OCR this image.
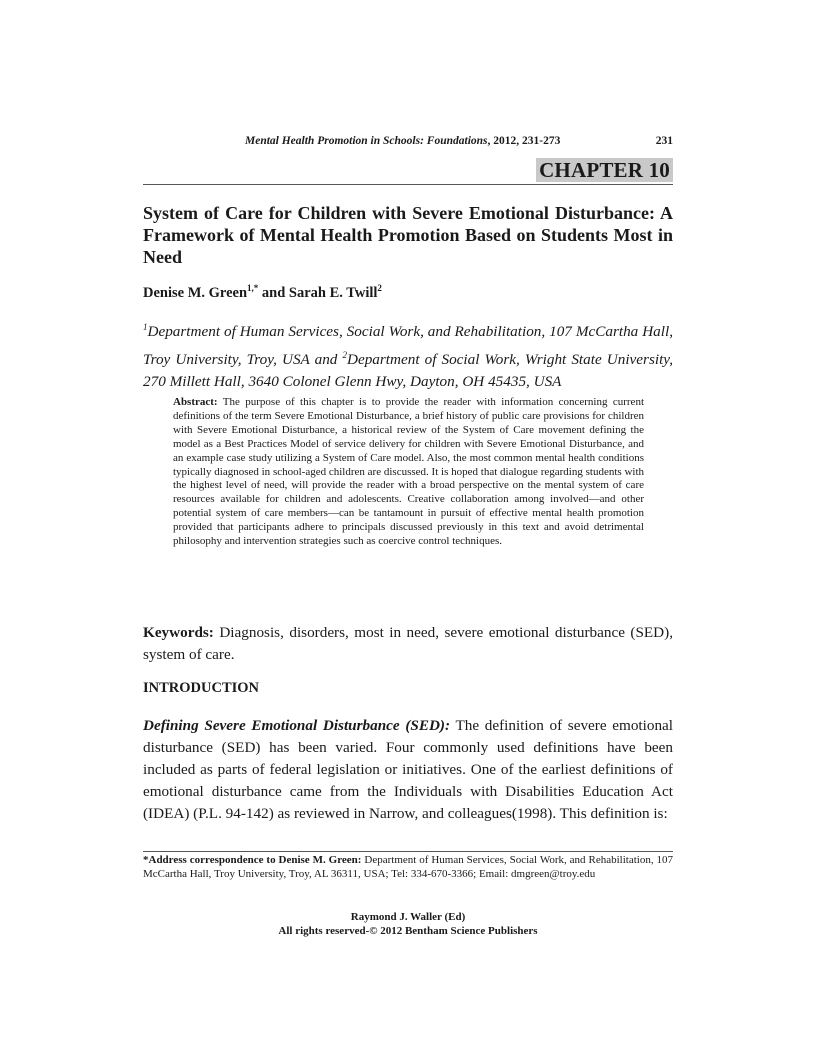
Mental Health Promotion in Schools: Foundations, 2012, 231-273	231
CHAPTER 10
System of Care for Children with Severe Emotional Disturbance: A Framework of Mental Health Promotion Based on Students Most in Need
Denise M. Green$^{1,*}$ and Sarah E. Twill$^2$

$^1$Department of Human Services, Social Work, and Rehabilitation, 107 McCartha Hall, Troy University, Troy, USA and $^2$Department of Social Work, Wright State University, 270 Millett Hall, 3640 Colonel Glenn Hwy, Dayton, OH 45435, USA

Abstract: The purpose of this chapter is to provide the reader with information concerning current definitions of the term Severe Emotional Disturbance, a brief history of public care provisions for children with Severe Emotional Disturbance, a historical review of the System of Care movement defining the model as a Best Practices Model of service delivery for children with Severe Emotional Disturbance, and an example case study utilizing a System of Care model. Also, the most common mental health conditions typically diagnosed in school-aged children are discussed. It is hoped that dialogue regarding students with the highest level of need, will provide the reader with a broad perspective on the mental system of care resources available for children and adolescents. Creative collaboration among involved—and other potential system of care members—can be tantamount in pursuit of effective mental health promotion provided that participants adhere to principals discussed previously in this text and avoid detrimental philosophy and intervention strategies such as coercive control techniques.

Keywords: Diagnosis, disorders, most in need, severe emotional disturbance (SED), system of care.

INTRODUCTION

Defining Severe Emotional Disturbance (SED): The definition of severe emotional disturbance (SED) has been varied. Four commonly used definitions have been included as parts of federal legislation or initiatives. One of the earliest definitions of emotional disturbance came from the Individuals with Disabilities Education Act (IDEA) (P.L. 94-142) as reviewed in Narrow, and colleagues(1998). This definition is:

*Address correspondence to Denise M. Green: Department of Human Services, Social Work, and Rehabilitation, 107 McCartha Hall, Troy University, Troy, AL 36311, USA; Tel: 334-670-3366; Email: dmgreen@troy.edu

Raymond J. Waller (Ed)
All rights reserved-© 2012 Bentham Science Publishers
